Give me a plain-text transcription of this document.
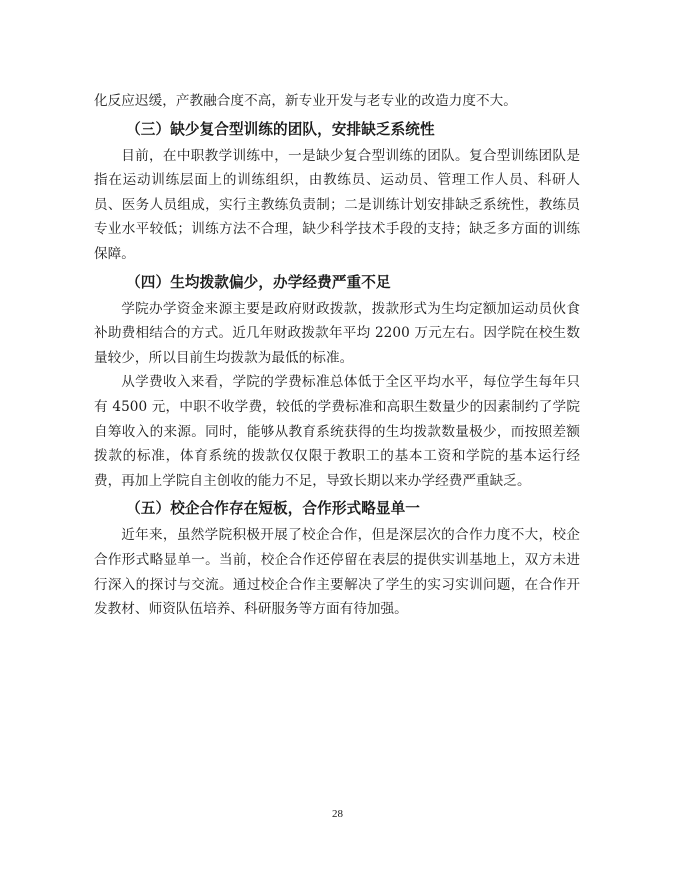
化反应迟缓，产教融合度不高，新专业开发与老专业的改造力度不大。

（三）缺少复合型训练的团队，安排缺乏系统性

目前，在中职教学训练中，一是缺少复合型训练的团队。复合型训练团队是指在运动训练层面上的训练组织，由教练员、运动员、管理工作人员、科研人员、医务人员组成，实行主教练负责制；二是训练计划安排缺乏系统性，教练员专业水平较低；训练方法不合理，缺少科学技术手段的支持；缺乏多方面的训练保障。

（四）生均拨款偏少，办学经费严重不足

学院办学资金来源主要是政府财政拨款，拨款形式为生均定额加运动员伙食补助费相结合的方式。近几年财政拨款年平均 2200 万元左右。因学院在校生数量较少，所以目前生均拨款为最低的标准。

从学费收入来看，学院的学费标准总体低于全区平均水平，每位学生每年只有 4500 元，中职不收学费，较低的学费标准和高职生数量少的因素制约了学院自筹收入的来源。同时，能够从教育系统获得的生均拨款数量极少，而按照差额拨款的标准，体育系统的拨款仅仅限于教职工的基本工资和学院的基本运行经费，再加上学院自主创收的能力不足，导致长期以来办学经费严重缺乏。

（五）校企合作存在短板，合作形式略显单一

近年来，虽然学院积极开展了校企合作，但是深层次的合作力度不大，校企合作形式略显单一。当前，校企合作还停留在表层的提供实训基地上，双方未进行深入的探讨与交流。通过校企合作主要解决了学生的实习实训问题，在合作开发教材、师资队伍培养、科研服务等方面有待加强。

28
